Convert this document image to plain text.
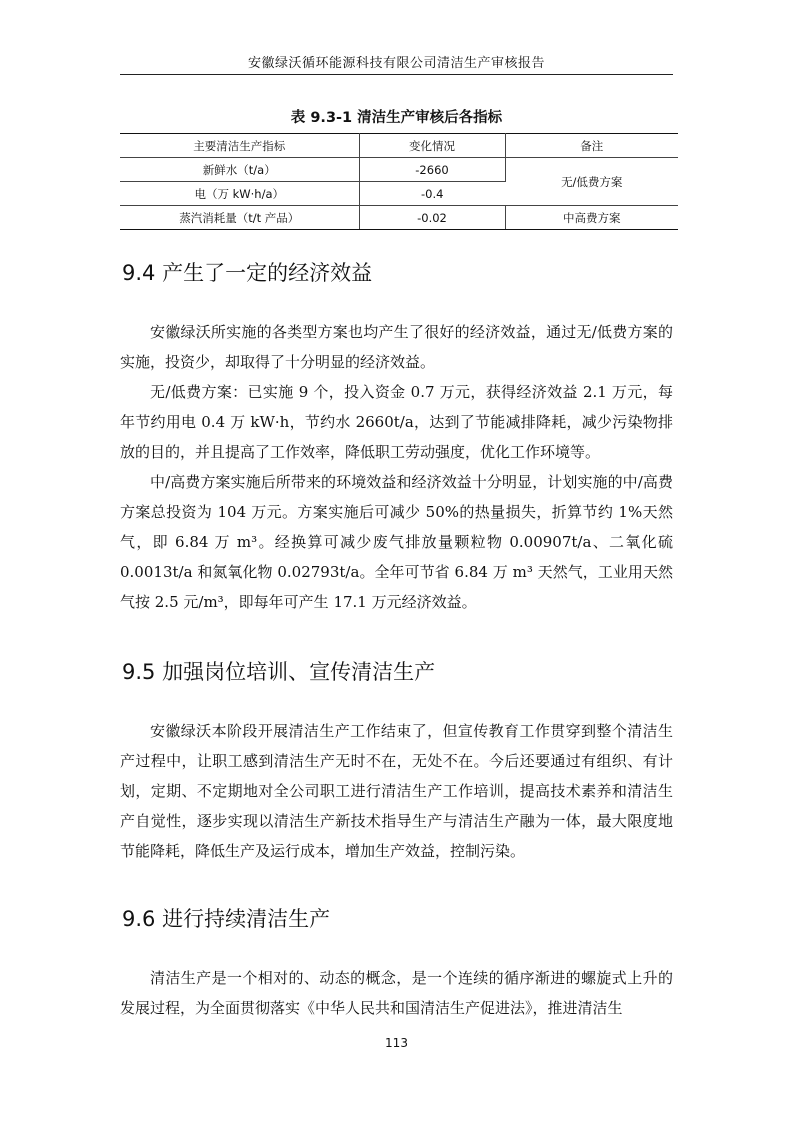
安徽绿沃循环能源科技有限公司清洁生产审核报告
表 9.3-1 清洁生产审核后各指标
主要清洁生产指标	变化情况	备注
新鲜水（t/a）	-2660	无/低费方案
电（万 kW·h/a）	-0.4	
蒸汽消耗量（t/t 产品）	-0.02	中高费方案
9.4 产生了一定的经济效益

安徽绿沃所实施的各类型方案也均产生了很好的经济效益，通过无/低费方案的实施，投资少，却取得了十分明显的经济效益。

无/低费方案：已实施 9 个，投入资金 0.7 万元，获得经济效益 2.1 万元，每年节约用电 0.4 万 kW·h，节约水 2660t/a，达到了节能减排降耗，减少污染物排放的目的，并且提高了工作效率，降低职工劳动强度，优化工作环境等。

中/高费方案实施后所带来的环境效益和经济效益十分明显，计划实施的中/高费方案总投资为 104 万元。方案实施后可减少 50%的热量损失，折算节约 1%天然气，即 6.84 万 m³。经换算可减少废气排放量颗粒物 0.00907t/a、二氧化硫 0.0013t/a 和氮氧化物 0.02793t/a。全年可节省 6.84 万 m³ 天然气，工业用天然气按 2.5 元/m³，即每年可产生 17.1 万元经济效益。

9.5 加强岗位培训、宣传清洁生产

安徽绿沃本阶段开展清洁生产工作结束了，但宣传教育工作贯穿到整个清洁生产过程中，让职工感到清洁生产无时不在，无处不在。今后还要通过有组织、有计划，定期、不定期地对全公司职工进行清洁生产工作培训，提高技术素养和清洁生产自觉性，逐步实现以清洁生产新技术指导生产与清洁生产融为一体，最大限度地节能降耗，降低生产及运行成本，增加生产效益，控制污染。

9.6 进行持续清洁生产

清洁生产是一个相对的、动态的概念，是一个连续的循序渐进的螺旋式上升的发展过程，为全面贯彻落实《中华人民共和国清洁生产促进法》，推进清洁生

113
